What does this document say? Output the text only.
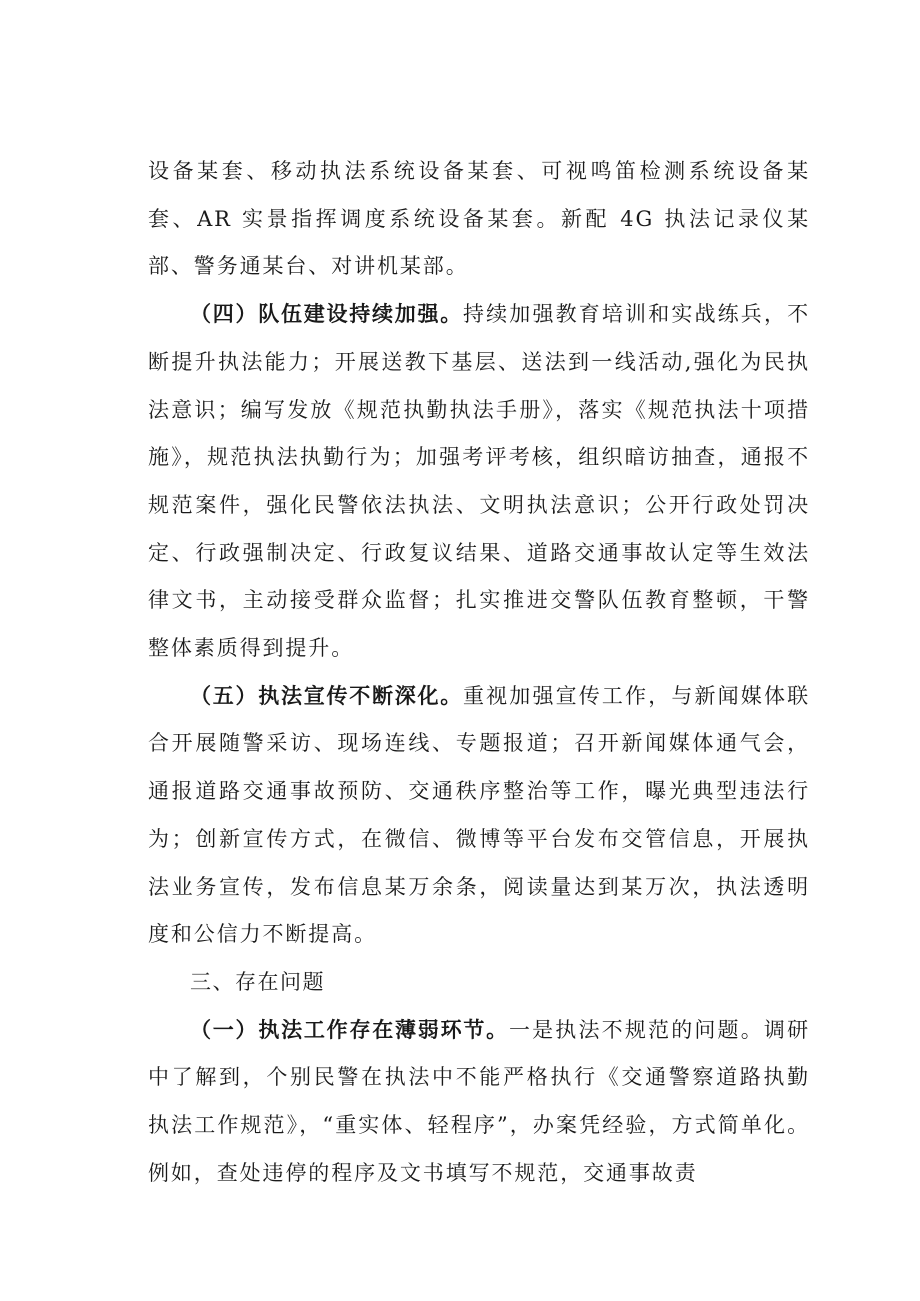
设备某套、移动执法系统设备某套、可视鸣笛检测系统设备某套、AR 实景指挥调度系统设备某套。新配 4G 执法记录仪某部、警务通某台、对讲机某部。

（四）队伍建设持续加强。持续加强教育培训和实战练兵，不断提升执法能力；开展送教下基层、送法到一线活动,强化为民执法意识；编写发放《规范执勤执法手册》，落实《规范执法十项措施》，规范执法执勤行为；加强考评考核，组织暗访抽查，通报不规范案件，强化民警依法执法、文明执法意识；公开行政处罚决定、行政强制决定、行政复议结果、道路交通事故认定等生效法律文书，主动接受群众监督；扎实推进交警队伍教育整顿，干警整体素质得到提升。

（五）执法宣传不断深化。重视加强宣传工作，与新闻媒体联合开展随警采访、现场连线、专题报道；召开新闻媒体通气会，通报道路交通事故预防、交通秩序整治等工作，曝光典型违法行为；创新宣传方式，在微信、微博等平台发布交管信息，开展执法业务宣传，发布信息某万余条，阅读量达到某万次，执法透明度和公信力不断提高。

三、存在问题

（一）执法工作存在薄弱环节。一是执法不规范的问题。调研中了解到，个别民警在执法中不能严格执行《交通警察道路执勤执法工作规范》，“重实体、轻程序”，办案凭经验，方式简单化。例如，查处违停的程序及文书填写不规范，交通事故责
